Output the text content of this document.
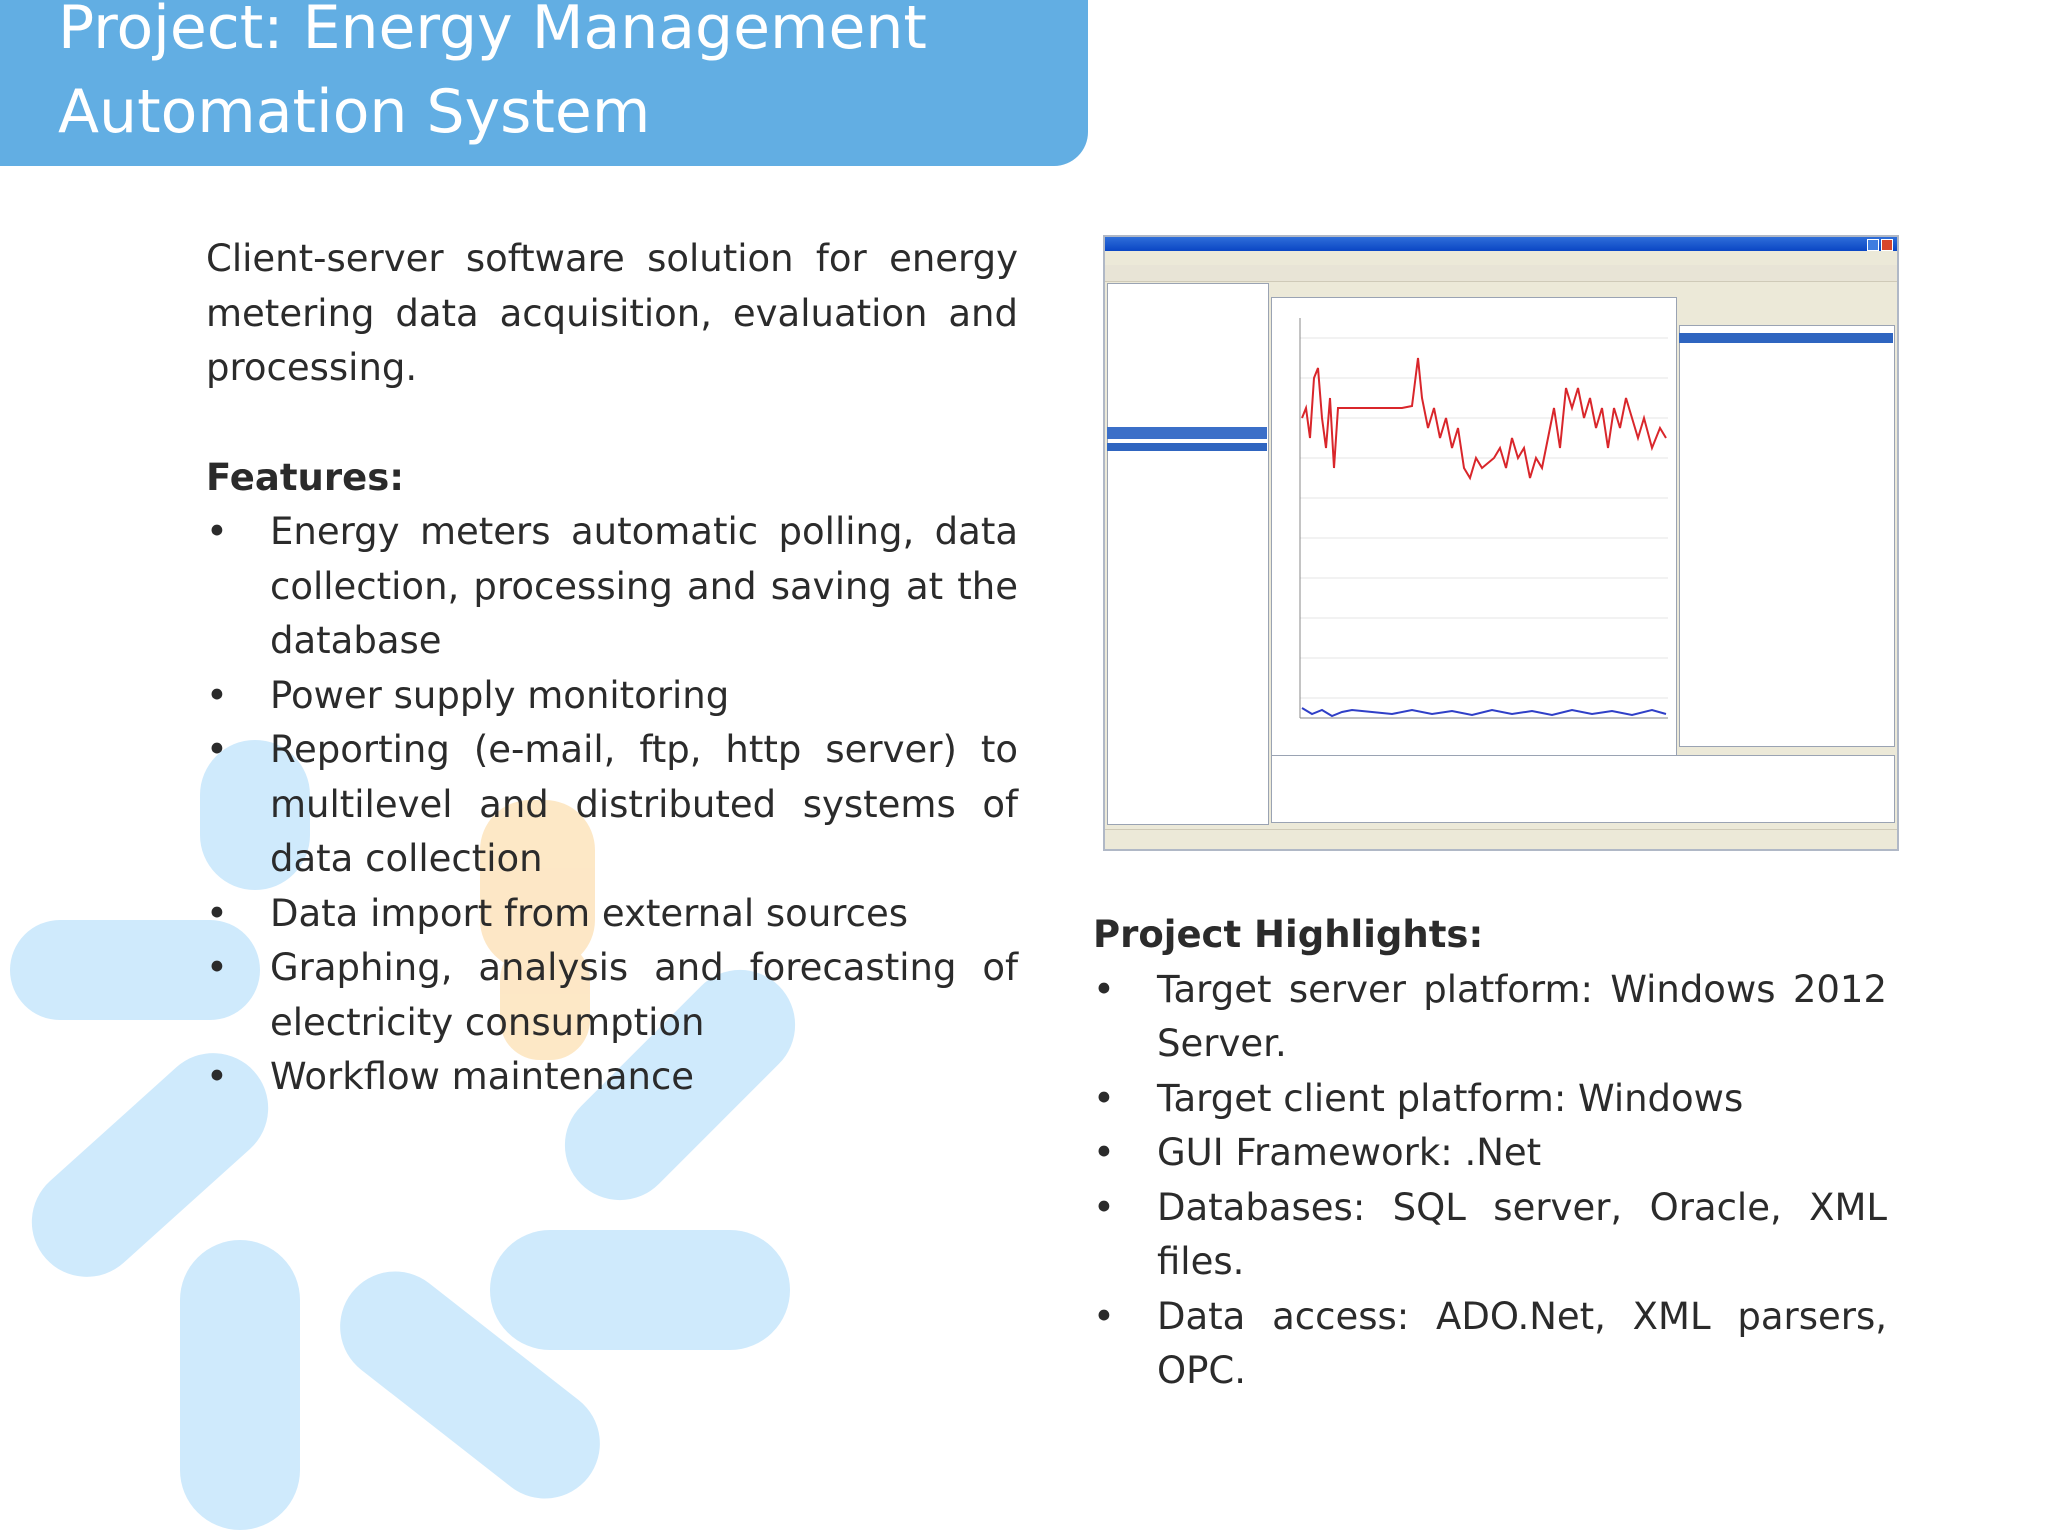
Project: Energy Management Automation System

Client-server software solution for energy metering data acquisition, evaluation and processing.

Features:

• Energy meters automatic polling, data collection, processing and saving at the database
• Power supply monitoring
• Reporting (e-mail, ftp, http server) to multilevel and distributed systems of data collection
• Data import from external sources
• Graphing, analysis and forecasting of electricity consumption
• Workflow maintenance

Project Highlights:

• Target server platform: Windows 2012 Server.
• Target client platform: Windows
• GUI Framework: .Net
• Databases: SQL server, Oracle, XML files.
• Data access: ADO.Net, XML parsers, OPC.
